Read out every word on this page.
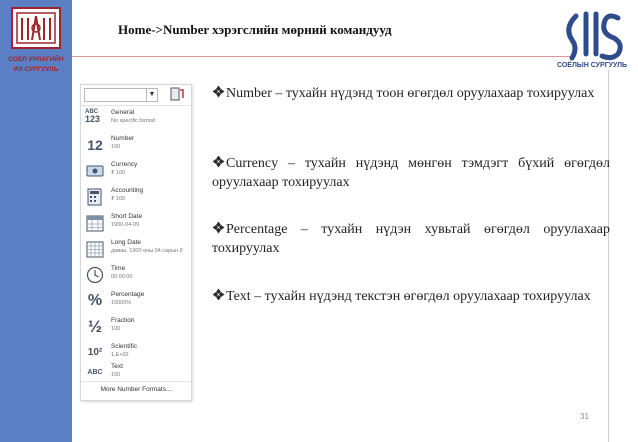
СОЁЛ УРЛАГИЙН
ИХ СУРГУУЛЬ
Home->Number хэрэгслийн мөрний командууд
СОЁЛЫН СУРГУУЛЬ
▼
ABC
123
General
No specific format
12	Number
100
Currency
₮ 100
Accounting
₮ 100
Short Date
1900-04-09
Long Date
даваа, 1900 оны 04 сарын 9
Time
00:00:00
%	Percentage
10000%
½	Fraction
100
10²
Scientific
1,E+02
ABC
Text
100
More Number Formats...
Number – тухайн нүдэнд тоон өгөгдөл оруулахаар тохируулах
Currency – тухайн нүдэнд мөнгөн тэмдэгт бүхий өгөгдөл оруулахаар тохируулах
Percentage – тухайн нүдэн хувьтай өгөгдөл оруулахаар тохируулах
Text – тухайн нүдэнд текстэн өгөгдөл оруулахаар тохируулах
31
